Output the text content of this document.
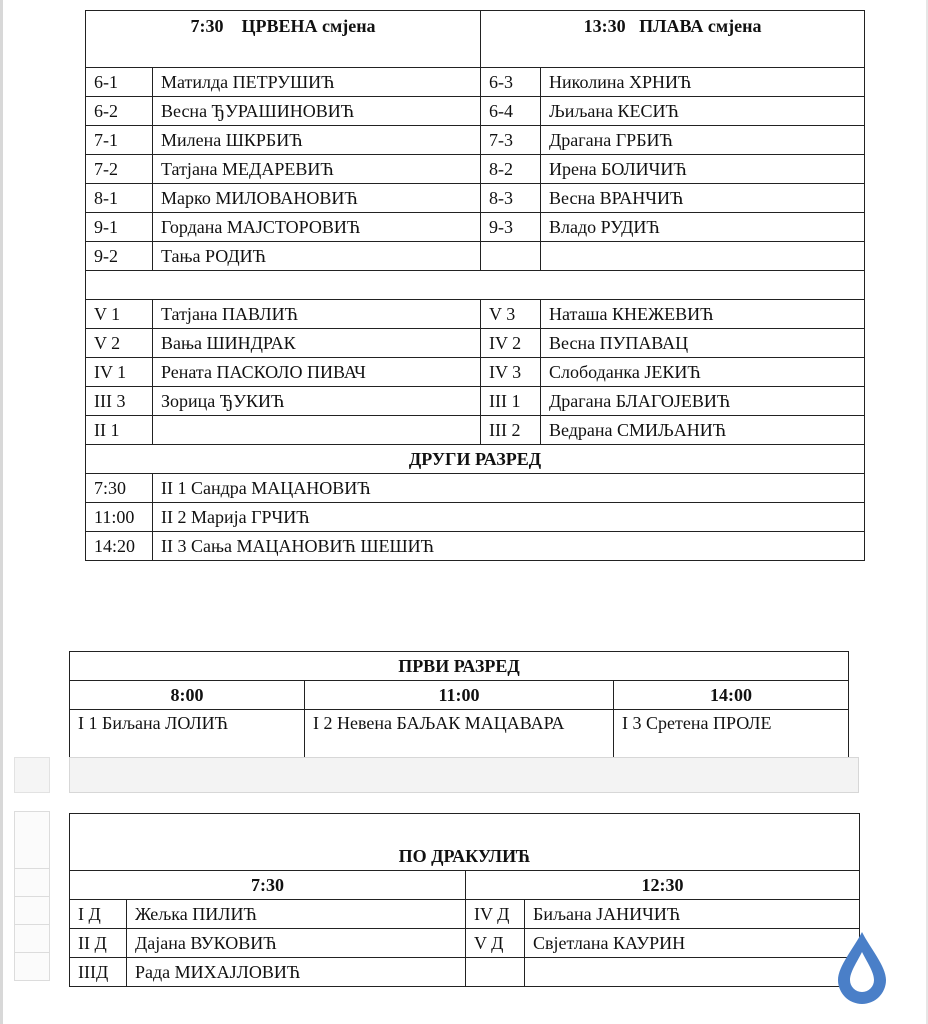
7:30    ЦРВЕНА смјена		13:30   ПЛАВА смјена	
6-1	Матилда ПЕТРУШИЋ	6-3	Николина ХРНИЋ
6-2	Весна ЂУРАШИНОВИЋ	6-4	Љиљана КЕСИЋ
7-1	Милена ШКРБИЋ	7-3	Драгана ГРБИЋ
7-2	Татјана МЕДАРЕВИЋ	8-2	Ирена БОЛИЧИЋ
8-1	Марко МИЛОВАНОВИЋ	8-3	Весна ВРАНЧИЋ
9-1	Гордана МАЈСТОРОВИЋ	9-3	Владо РУДИЋ
9-2	Тања РОДИЋ		

V 1	Татјана ПАВЛИЋ	V 3	Наташа КНЕЖЕВИЋ
V 2	Вања ШИНДРАК	IV 2	Весна ПУПАВАЦ
IV 1	Рената ПАСКОЛО ПИВАЧ	IV 3	Слободанка ЈЕКИЋ
III 3	Зорица ЂУКИЋ	III 1	Драгана БЛАГОЈЕВИЋ
II 1		III 2	Ведрана СМИЉАНИЋ
ДРУГИ РАЗРЕД			
7:30	II 1 Сандра МАЦАНОВИЋ		
11:00	II 2 Марија ГРЧИЋ		
14:20	II 3 Сања МАЦАНОВИЋ ШЕШИЋ		
ПРВИ РАЗРЕД		
8:00	11:00	14:00
I 1 Биљана ЛОЛИЋ	I 2 Невена БАЉАК МАЦАВАРА	I 3 Сретена ПРОЛЕ
ПО ДРАКУЛИЋ			
7:30		12:30	
I Д	Жељка ПИЛИЋ	IV Д	Биљана ЈАНИЧИЋ
II Д	Дајана ВУКОВИЋ	V Д	Свјетлана КАУРИН
IIIД	Рада МИХАЈЛОВИЋ		
